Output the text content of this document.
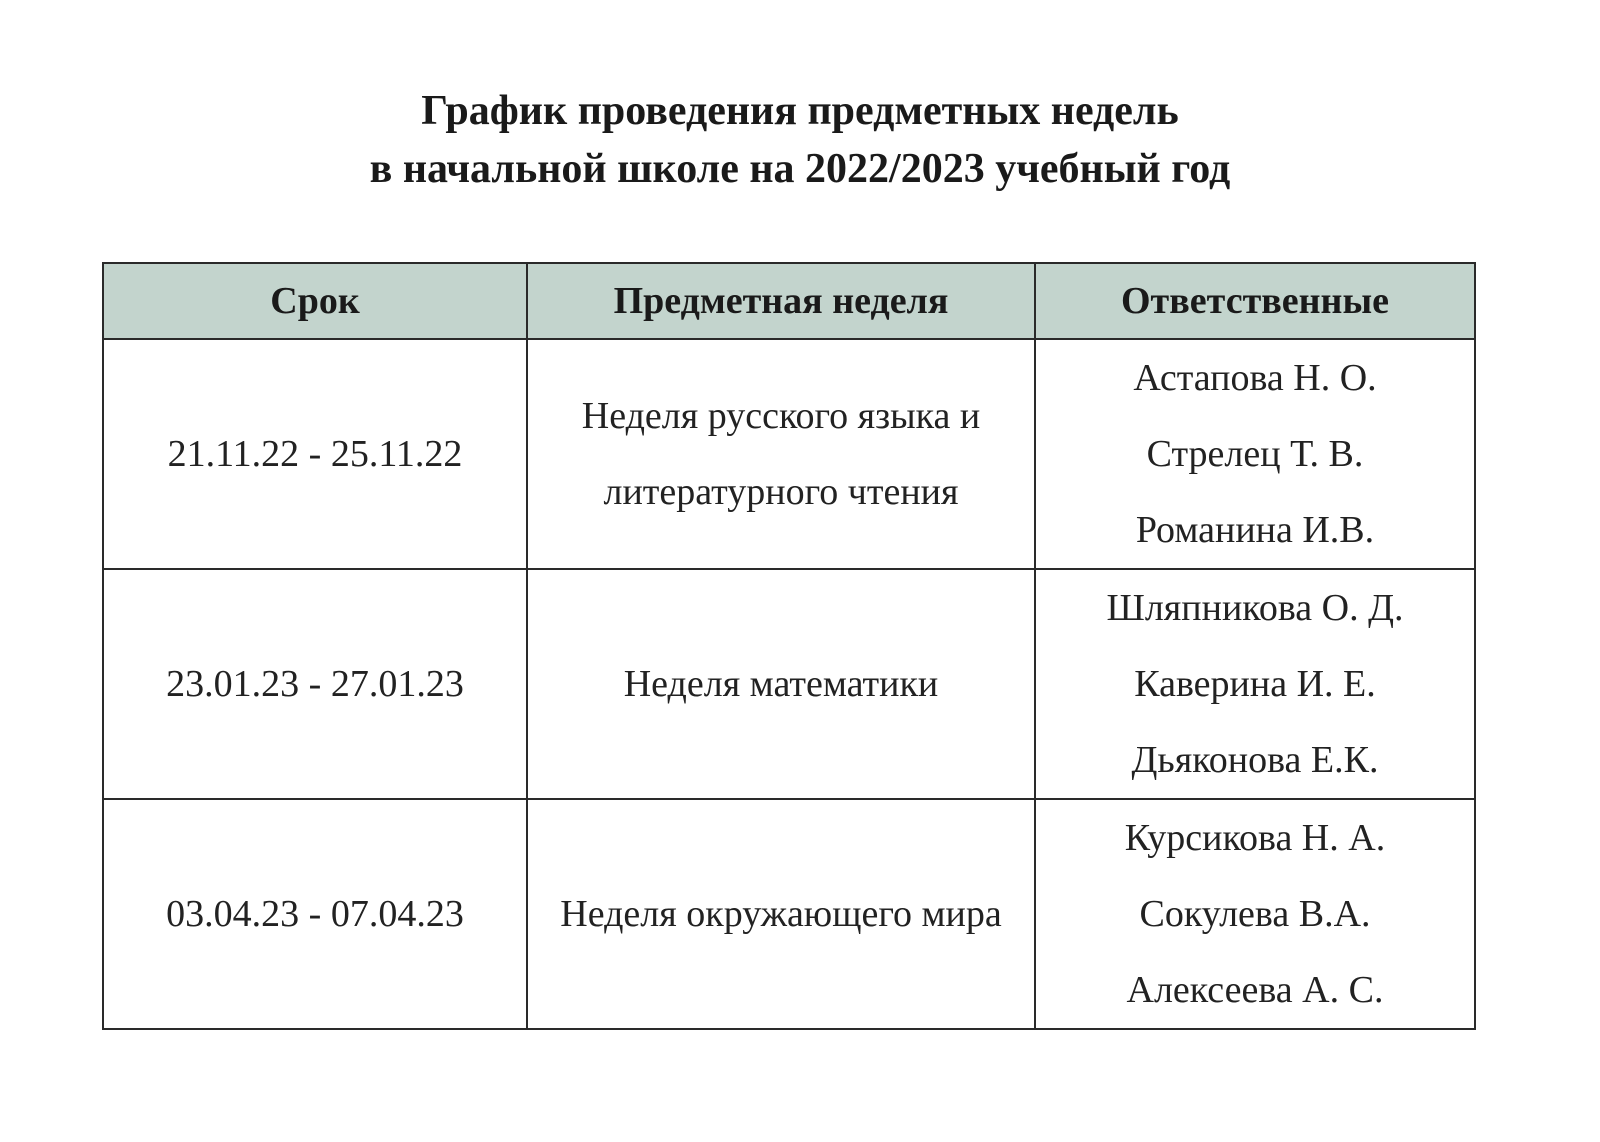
График проведения предметных недель
в начальной школе на 2022/2023 учебный год
Срок	Предметная неделя	Ответственные
21.11.22 - 25.11.22	Неделя русского языка и литературного чтения	Астапова Н. О.
Стрелец Т. В.
Романина И.В.

23.01.23 - 27.01.23	Неделя математики	Шляпникова О. Д.
Каверина И. Е.
Дьяконова Е.К.

03.04.23 - 07.04.23	Неделя окружающего мира	Курсикова Н. А.
Сокулева В.А.
Алексеева А. С.
